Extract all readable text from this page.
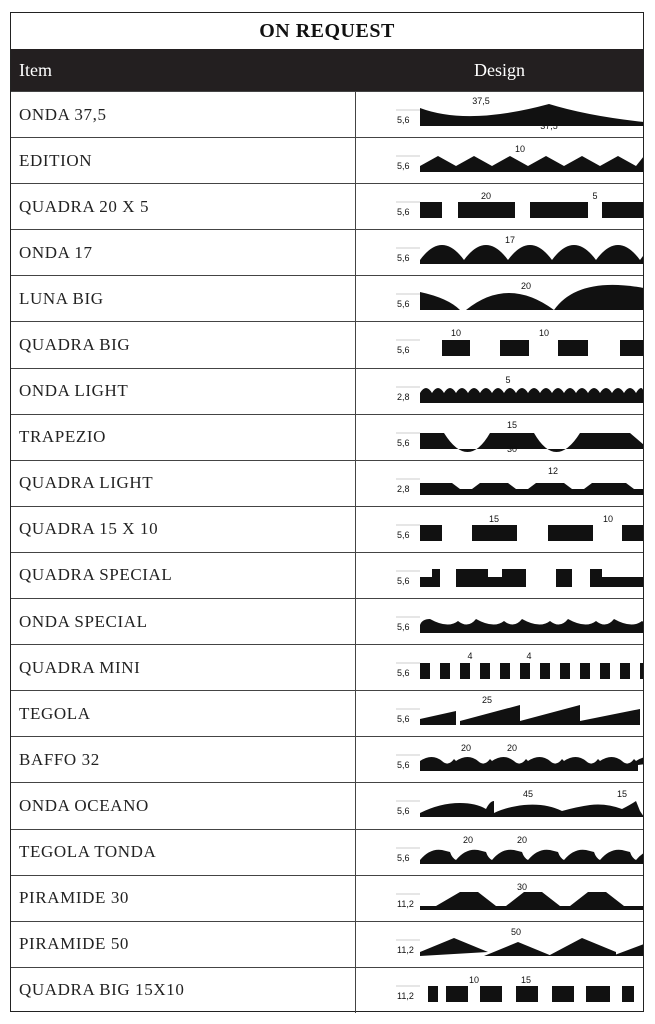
ON REQUEST
Item	Design
ONDA 37,5	5,6
37,5
37,5
EDITION	5,6
10
QUADRA 20 X 5	5,6
20	5
ONDA 17	5,6
17
LUNA BIG	5,6
20
QUADRA BIG	5,6
10	10
ONDA LIGHT	2,8
5
TRAPEZIO	5,6
15
30
QUADRA LIGHT	2,8
12
QUADRA 15 X 10	5,6
15	10
QUADRA SPECIAL	5,6
ONDA SPECIAL	5,6
QUADRA MINI	5,6
4	4
TEGOLA	5,6
25
BAFFO 32	5,6
20	20
ONDA OCEANO	5,6
45	15
TEGOLA TONDA	5,6
20	20
PIRAMIDE 30	11,2
30
PIRAMIDE 50	11,2
50
QUADRA BIG 15X10	11,2
10	15
